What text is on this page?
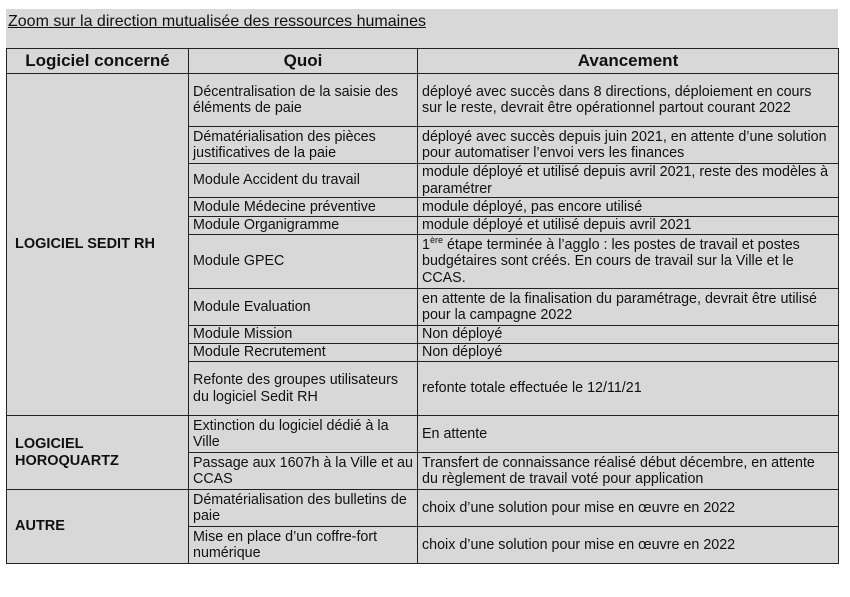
Zoom sur la direction mutualisée des ressources humaines
Logiciel concerné	Quoi	Avancement
LOGICIEL SEDIT RH	Décentralisation de la saisie des éléments de paie	déployé avec succès dans 8 directions, déploiement en cours sur le reste, devrait être opérationnel partout courant 2022
	Dématérialisation des pièces justificatives de la paie	déployé avec succès depuis juin 2021, en attente d’une solution pour automatiser l’envoi vers les finances
	Module Accident du travail	module déployé et utilisé depuis avril 2021, reste des modèles à paramétrer
	Module Médecine préventive	module déployé, pas encore utilisé
	Module Organigramme	module déployé et utilisé depuis avril 2021
	Module GPEC	1ère étape terminée à l’agglo : les postes de travail et postes budgétaires sont créés. En cours de travail sur la Ville et le CCAS.
	Module Evaluation	en attente de la finalisation du paramétrage, devrait être utilisé pour la campagne 2022
	Module Mission	Non déployé
	Module Recrutement	Non déployé
	Refonte des groupes utilisateurs du logiciel Sedit RH	refonte totale effectuée le 12/11/21
LOGICIEL HOROQUARTZ	Extinction du logiciel dédié à la Ville	En attente
	Passage aux 1607h à la Ville et au CCAS	Transfert de connaissance réalisé début décembre, en attente du règlement de travail voté pour application
AUTRE	Dématérialisation des bulletins de paie	choix d’une solution pour mise en œuvre en 2022
	Mise en place d’un coffre-fort numérique	choix d’une solution pour mise en œuvre en 2022
